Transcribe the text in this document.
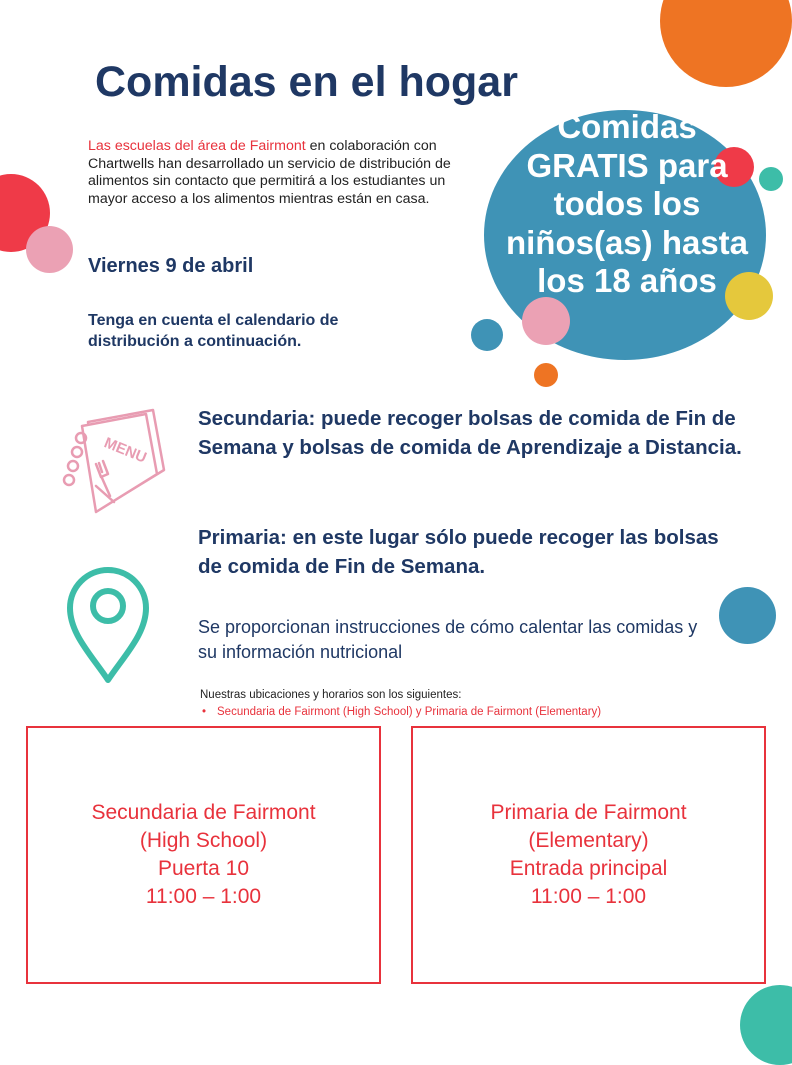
Comidas en el hogar
Las escuelas del área de Fairmont en colaboración con Chartwells han desarrollado un servicio de distribución de alimentos sin contacto que permitirá a los estudiantes un mayor acceso a los alimentos mientras están en casa.
Viernes 9 de abril
Tenga en cuenta el calendario de distribución a continuación.
Comidas GRATIS para todos los niños(as) hasta los 18 años
MENU
Secundaria: puede recoger bolsas de comida de Fin de Semana y bolsas de comida de Aprendizaje a Distancia.
Primaria: en este lugar sólo puede recoger las bolsas de comida de Fin de Semana.
Se proporcionan instrucciones de cómo calentar las comidas y su información nutricional
Nuestras ubicaciones y horarios son los siguientes:
• Secundaria de Fairmont (High School) y Primaria de Fairmont (Elementary)
Secundaria de Fairmont
(High School)
Puerta 10
11:00 – 1:00
Primaria de Fairmont
(Elementary)
Entrada principal
11:00 – 1:00
